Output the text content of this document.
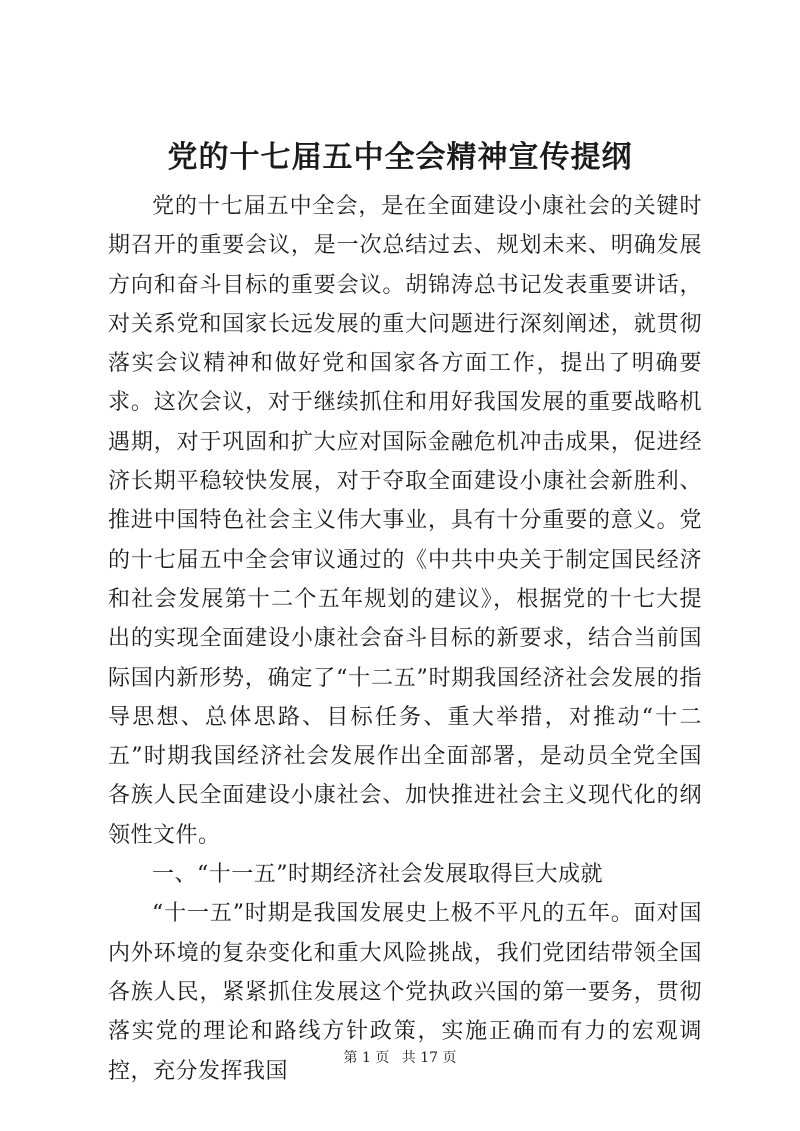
党的十七届五中全会精神宣传提纲

党的十七届五中全会，是在全面建设小康社会的关键时期召开的重要会议，是一次总结过去、规划未来、明确发展方向和奋斗目标的重要会议。胡锦涛总书记发表重要讲话，对关系党和国家长远发展的重大问题进行深刻阐述，就贯彻落实会议精神和做好党和国家各方面工作，提出了明确要求。这次会议，对于继续抓住和用好我国发展的重要战略机遇期，对于巩固和扩大应对国际金融危机冲击成果，促进经济长期平稳较快发展，对于夺取全面建设小康社会新胜利、推进中国特色社会主义伟大事业，具有十分重要的意义。党的十七届五中全会审议通过的《中共中央关于制定国民经济和社会发展第十二个五年规划的建议》，根据党的十七大提出的实现全面建设小康社会奋斗目标的新要求，结合当前国际国内新形势，确定了“十二五”时期我国经济社会发展的指导思想、总体思路、目标任务、重大举措，对推动“十二五”时期我国经济社会发展作出全面部署，是动员全党全国各族人民全面建设小康社会、加快推进社会主义现代化的纲领性文件。

一、“十一五”时期经济社会发展取得巨大成就

“十一五”时期是我国发展史上极不平凡的五年。面对国内外环境的复杂变化和重大风险挑战，我们党团结带领全国各族人民，紧紧抓住发展这个党执政兴国的第一要务，贯彻落实党的理论和路线方针政策，实施正确而有力的宏观调控，充分发挥我国

第 1 页 共 17 页
